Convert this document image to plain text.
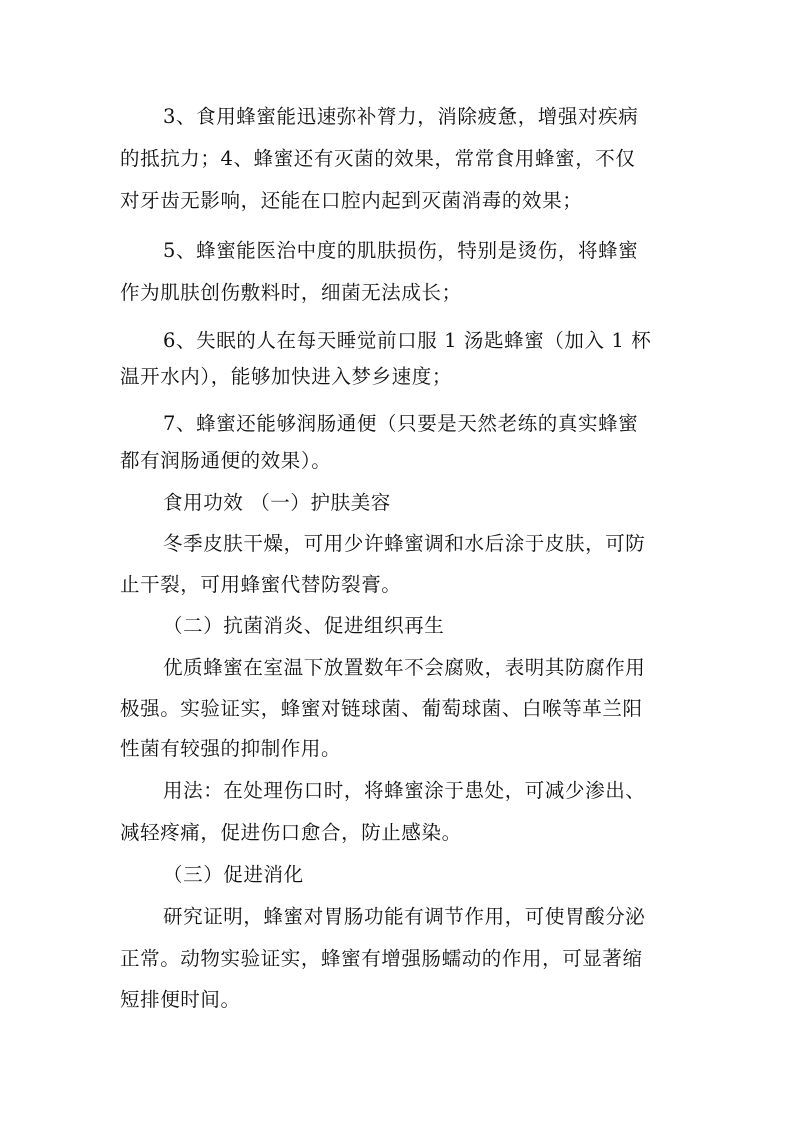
3、食用蜂蜜能迅速弥补膂力，消除疲惫，增强对疾病
的抵抗力；4、蜂蜜还有灭菌的效果，常常食用蜂蜜，不仅
对牙齿无影响，还能在口腔内起到灭菌消毒的效果；
5、蜂蜜能医治中度的肌肤损伤，特别是烫伤，将蜂蜜
作为肌肤创伤敷料时，细菌无法成长；
6、失眠的人在每天睡觉前口服 1 汤匙蜂蜜（加入 1 杯
温开水内），能够加快进入梦乡速度；
7、蜂蜜还能够润肠通便（只要是天然老练的真实蜂蜜
都有润肠通便的效果）。
食用功效 （一）护肤美容
冬季皮肤干燥，可用少许蜂蜜调和水后涂于皮肤，可防
止干裂，可用蜂蜜代替防裂膏。
（二）抗菌消炎、促进组织再生
优质蜂蜜在室温下放置数年不会腐败，表明其防腐作用
极强。实验证实，蜂蜜对链球菌、葡萄球菌、白喉等革兰阳
性菌有较强的抑制作用。
用法：在处理伤口时，将蜂蜜涂于患处，可减少渗出、
减轻疼痛，促进伤口愈合，防止感染。
（三）促进消化
研究证明，蜂蜜对胃肠功能有调节作用，可使胃酸分泌
正常。动物实验证实，蜂蜜有增强肠蠕动的作用，可显著缩
短排便时间。
